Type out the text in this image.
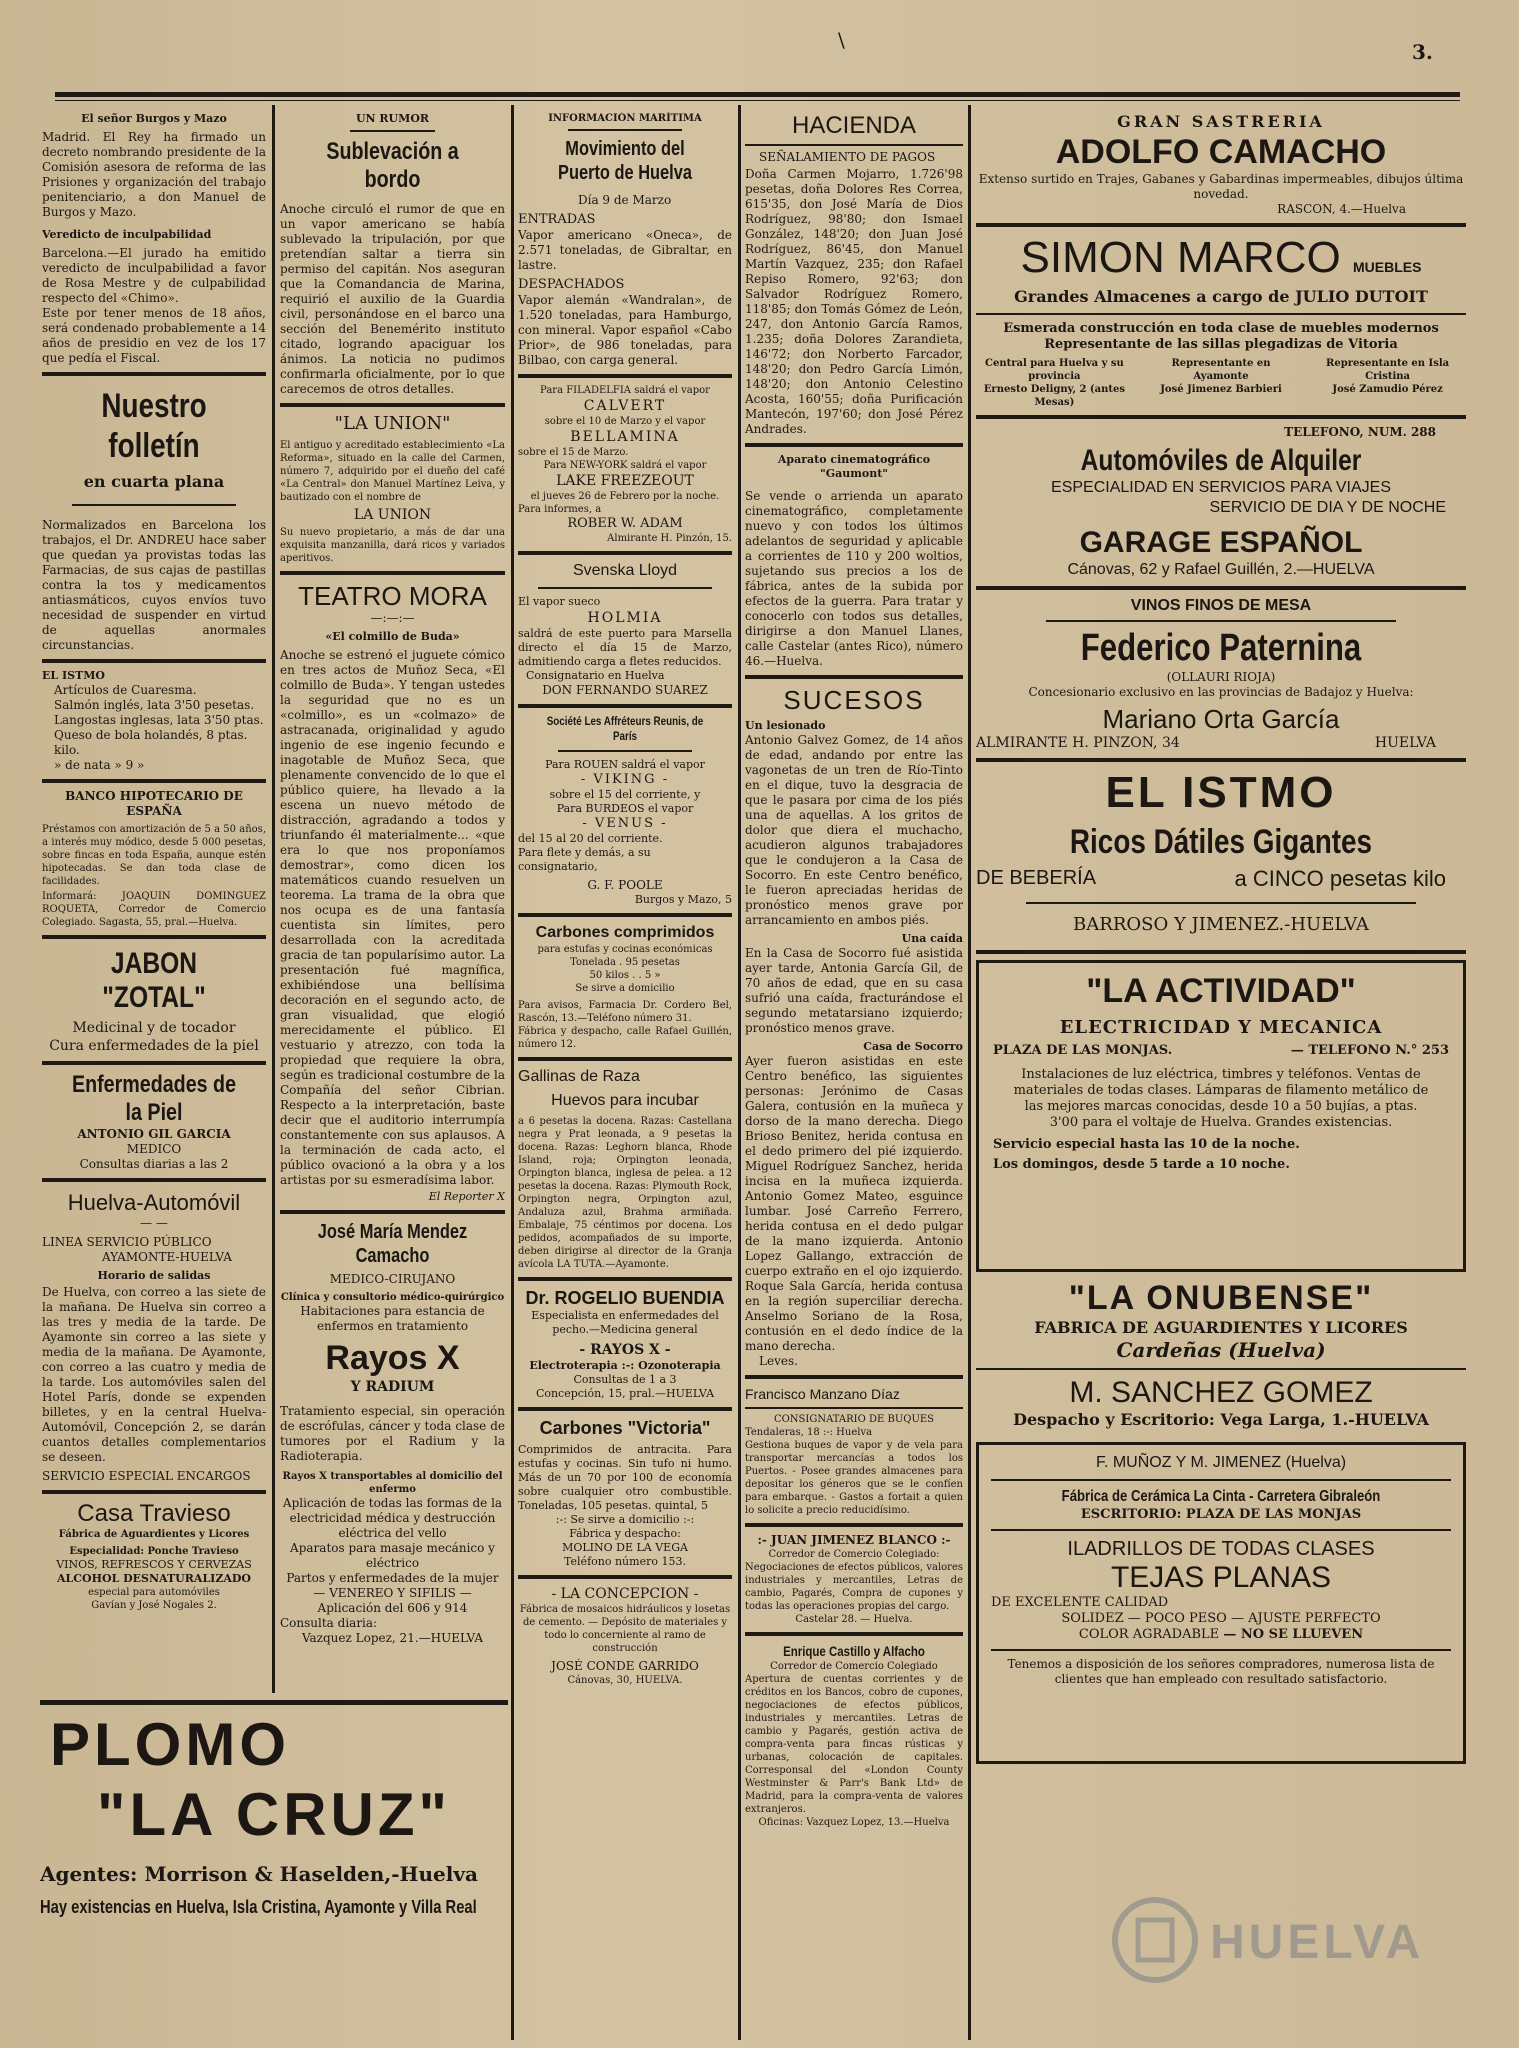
\	3.

El señor Burgos y Mazo

Madrid. El Rey ha firmado un decreto nombrando presidente de la Comisión asesora de reforma de las Prisiones y organización del trabajo penitenciario, a don Manuel de Burgos y Mazo.

Veredicto de inculpabilidad

Barcelona.—El jurado ha emitido veredicto de inculpabilidad a favor de Rosa Mestre y de culpabilidad respecto del «Chimo».

Este por tener menos de 18 años, será condenado probablemente a 14 años de presidio en vez de los 17 que pedía el Fiscal.

Nuestro folletín

en cuarta plana

Normalizados en Barcelona los trabajos, el Dr. ANDREU hace saber que quedan ya provistas todas las Farmacias, de sus cajas de pastillas contra la tos y medicamentos antiasmáticos, cuyos envíos tuvo necesidad de suspender en virtud de aquellas anormales circunstancias.

EL ISTMO

Artículos de Cuaresma.

Salmón inglés, lata 3'50 pesetas.

Langostas inglesas, lata 3'50 ptas.

Queso de bola holandés, 8 ptas. kilo.

» de nata » 9 »

BANCO HIPOTECARIO DE ESPAÑA

Préstamos con amortización de 5 a 50 años, a interés muy módico, desde 5 000 pesetas, sobre fincas en toda España, aunque estén hipotecadas. Se dan toda clase de facilidades.

Informará: JOAQUIN DOMINGUEZ ROQUETA, Corredor de Comercio Colegiado. Sagasta, 55, pral.—Huelva.

JABON "ZOTAL"

Medicinal y de tocador

Cura enfermedades de la piel

Enfermedades de la Piel

ANTONIO GIL GARCIA

MEDICO

Consultas diarias a las 2

Huelva-Automóvil

— —

LINEA SERVICIO PÚBLICO

AYAMONTE-HUELVA

Horario de salidas

De Huelva, con correo a las siete de la mañana. De Huelva sin correo a las tres y media de la tarde. De Ayamonte sin correo a las siete y media de la mañana. De Ayamonte, con correo a las cuatro y media de la tarde. Los automóviles salen del Hotel París, donde se expenden billetes, y en la central Huelva-Automóvil, Concepción 2, se darán cuantos detalles complementarios se deseen.

SERVICIO ESPECIAL ENCARGOS

Casa Travieso

Fábrica de Aguardientes y Licores

Especialidad: Ponche Travieso

VINOS, REFRESCOS Y CERVEZAS

ALCOHOL DESNATURALIZADO

especial para automóviles

Gavían y José Nogales 2.

UN RUMOR

Sublevación a bordo

Anoche circuló el rumor de que en un vapor americano se había sublevado la tripulación, por que pretendían saltar a tierra sin permiso del capitán. Nos aseguran que la Comandancia de Marina, requirió el auxilio de la Guardia civil, personándose en el barco una sección del Benemérito instituto citado, logrando apaciguar los ánimos. La noticia no pudimos confirmarla oficialmente, por lo que carecemos de otros detalles.

"LA UNION"

El antiguo y acreditado establecimiento «La Reforma», situado en la calle del Carmen, número 7, adquirido por el dueño del café «La Central» don Manuel Martínez Leiva, y bautizado con el nombre de

LA UNION

Su nuevo propietario, a más de dar una exquisita manzanilla, dará ricos y variados aperitivos.

TEATRO MORA

—:—:—

«El colmillo de Buda»

Anoche se estrenó el juguete cómico en tres actos de Muñoz Seca, «El colmillo de Buda». Y tengan ustedes la seguridad que no es un «colmillo», es un «colmazo» de astracanada, originalidad y agudo ingenio de ese ingenio fecundo e inagotable de Muñoz Seca, que plenamente convencido de lo que el público quiere, ha llevado a la escena un nuevo método de distracción, agradando a todos y triunfando él materialmente... «que era lo que nos proponíamos demostrar», como dicen los matemáticos cuando resuelven un teorema. La trama de la obra que nos ocupa es de una fantasía cuentista sin límites, pero desarrollada con la acreditada gracia de tan popularísimo autor. La presentación fué magnífica, exhibiéndose una bellísima decoración en el segundo acto, de gran visualidad, que elogió merecidamente el público. El vestuario y atrezzo, con toda la propiedad que requiere la obra, según es tradicional costumbre de la Compañía del señor Cibrian. Respecto a la interpretación, baste decir que el auditorio interrumpía constantemente con sus aplausos. A la terminación de cada acto, el público ovacionó a la obra y a los artistas por su esmeradísima labor.

El Reporter X

José María Mendez Camacho

MEDICO-CIRUJANO

Clínica y consultorio médico-quirúrgico

Habitaciones para estancia de enfermos en tratamiento

Rayos X

Y RADIUM

Tratamiento especial, sin operación de escrófulas, cáncer y toda clase de tumores por el Radium y la Radioterapia.

Rayos X transportables al domicilio del enfermo

Aplicación de todas las formas de la electricidad médica y destrucción eléctrica del vello

Aparatos para masaje mecánico y eléctrico

Partos y enfermedades de la mujer

— VENEREO Y SIFILIS —

Aplicación del 606 y 914

Consulta diaria:

Vazquez Lopez, 21.—HUELVA

INFORMACIÓN MARÍTIMA

Movimiento del Puerto de Huelva

Día 9 de Marzo

ENTRADAS

Vapor americano «Oneca», de 2.571 toneladas, de Gibraltar, en lastre.

DESPACHADOS

Vapor alemán «Wandralan», de 1.520 toneladas, para Hamburgo, con mineral. Vapor español «Cabo Prior», de 986 toneladas, para Bilbao, con carga general.

Para FILADELFIA saldrá el vapor

CALVERT

sobre el 10 de Marzo y el vapor

BELLAMINA

sobre el 15 de Marzo.

Para NEW-YORK saldrá el vapor

LAKE FREEZEOUT

el jueves 26 de Febrero por la noche.

Para informes, a

ROBER W. ADAM

Almirante H. Pinzón, 15.

Svenska Lloyd

El vapor sueco

HOLMIA

saldrá de este puerto para Marsella directo el día 15 de Marzo, admitiendo carga a fletes reducidos.

Consignatario en Huelva

DON FERNANDO SUAREZ

Société Les Affréteurs Reunis, de París

Para ROUEN saldrá el vapor

- VIKING -

sobre el 15 del corriente, y

Para BURDEOS el vapor

- VENUS -

del 15 al 20 del corriente.

Para flete y demás, a su consignatario,

G. F. POOLE

Burgos y Mazo, 5

Carbones comprimidos

para estufas y cocinas económicas

Tonelada . 95 pesetas

50 kilos . . 5 »

Se sirve a domicilio

Para avisos, Farmacia Dr. Cordero Bel, Rascón, 13.—Teléfono número 31.

Fábrica y despacho, calle Rafael Guillén, número 12.

Gallinas de Raza

Huevos para incubar

a 6 pesetas la docena. Razas: Castellana negra y Prat leonada, a 9 pesetas la docena. Razas: Leghorn blanca, Rhode Island, roja; Orpington leonada, Orpington blanca, inglesa de pelea. a 12 pesetas la docena. Razas: Plymouth Rock, Orpington negra, Orpington azul, Andaluza azul, Brahma armiñada. Embalaje, 75 céntimos por docena. Los pedidos, acompañados de su importe, deben dirigirse al director de la Granja avícola LA TUTA.—Ayamonte.

Dr. ROGELIO BUENDIA

Especialista en enfermedades del pecho.—Medicina general

- RAYOS X -

Electroterapia :-: Ozonoterapia

Consultas de 1 a 3

Concepción, 15, pral.—HUELVA

Carbones "Victoria"

Comprimidos de antracita. Para estufas y cocinas. Sin tufo ni humo. Más de un 70 por 100 de economía sobre cualquier otro combustible. Toneladas, 105 pesetas. quintal, 5

:-: Se sirve a domicilio :-:

Fábrica y despacho:

MOLINO DE LA VEGA

Teléfono número 153.

- LA CONCEPCION -

Fábrica de mosaicos hidráulicos y losetas de cemento. — Depósito de materiales y todo lo concerniente al ramo de construcción

JOSÉ CONDE GARRIDO

Cánovas, 30, HUELVA.

HACIENDA

SEÑALAMIENTO DE PAGOS

Doña Carmen Mojarro, 1.726'98 pesetas, doña Dolores Res Correa, 615'35, don José María de Dios Rodríguez, 98'80; don Ismael González, 148'20; don Juan José Rodríguez, 86'45, don Manuel Martín Vazquez, 235; don Rafael Repiso Romero, 92'63; don Salvador Rodríguez Romero, 118'85; don Tomás Gómez de León, 247, don Antonio García Ramos, 1.235; doña Dolores Zarandieta, 146'72; don Norberto Farcador, 148'20; don Pedro García Limón, 148'20; don Antonio Celestino Acosta, 160'55; doña Purificación Mantecón, 197'60; don José Pérez Andrades.

Aparato cinematográfico "Gaumont"

Se vende o arrienda un aparato cinematográfico, completamente nuevo y con todos los últimos adelantos de seguridad y aplicable a corrientes de 110 y 200 woltios, sujetando sus precios a los de fábrica, antes de la subida por efectos de la guerra. Para tratar y conocerlo con todos sus detalles, dirigirse a don Manuel Llanes, calle Castelar (antes Rico), número 46.—Huelva.

SUCESOS

Un lesionado

Antonio Galvez Gomez, de 14 años de edad, andando por entre las vagonetas de un tren de Río-Tinto en el dique, tuvo la desgracia de que le pasara por cima de los piés una de aquellas. A los gritos de dolor que diera el muchacho, acudieron algunos trabajadores que le condujeron a la Casa de Socorro. En este Centro benéfico, le fueron apreciadas heridas de pronóstico menos grave por arrancamiento en ambos piés.

Una caída

En la Casa de Socorro fué asistida ayer tarde, Antonia García Gil, de 70 años de edad, que en su casa sufrió una caída, fracturándose el segundo metatarsiano izquierdo; pronóstico menos grave.

Casa de Socorro

Ayer fueron asistidas en este Centro benéfico, las siguientes personas: Jerónimo de Casas Galera, contusión en la muñeca y dorso de la mano derecha. Diego Brioso Benitez, herida contusa en el dedo primero del pié izquierdo. Miguel Rodríguez Sanchez, herida incisa en la muñeca izquierda. Antonio Gomez Mateo, esguince lumbar. José Carreño Ferrero, herida contusa en el dedo pulgar de la mano izquierda. Antonio Lopez Gallango, extracción de cuerpo extraño en el ojo izquierdo. Roque Sala García, herida contusa en la región superciliar derecha. Anselmo Soriano de la Rosa, contusión en el dedo índice de la mano derecha.

Leves.

Francisco Manzano Díaz

CONSIGNATARIO DE BUQUES

Tendaleras, 18 :-: Huelva

Gestiona buques de vapor y de vela para transportar mercancías a todos los Puertos. - Posee grandes almacenes para depositar los géneros que se le confíen para embarque. - Gastos a fortait a quien lo solicite a precio reducidísimo.

:- JUAN JIMENEZ BLANCO :-

Corredor de Comercio Colegiado:

Negociaciones de efectos públicos, valores industriales y mercantiles, Letras de cambio, Pagarés, Compra de cupones y todas las operaciones propias del cargo.

Castelar 28. — Huelva.

Enrique Castillo y Alfacho

Corredor de Comercio Colegiado

Apertura de cuentas corrientes y de créditos en los Bancos, cobro de cupones, negociaciones de efectos públicos, industriales y mercantiles. Letras de cambio y Pagarés, gestión activa de compra-venta para fincas rústicas y urbanas, colocación de capitales. Corresponsal del «London County Westminster & Parr's Bank Ltd» de Madrid, para la compra-venta de valores extranjeros.

Oficinas: Vazquez Lopez, 13.—Huelva

GRAN SASTRERIA

ADOLFO CAMACHO

Extenso surtido en Trajes, Gabanes y Gabardinas impermeables, dibujos última novedad.

RASCON, 4.—Huelva

SIMON MARCO MUEBLES

Grandes Almacenes a cargo de JULIO DUTOIT

Esmerada construcción en toda clase de muebles modernos

Representante de las sillas plegadizas de Vitoria

Central para Huelva y su provincia

Ernesto Deligny, 2 (antes Mesas)

Representante en Ayamonte

José Jimenez Barbieri

Representante en Isla Cristina

José Zamudio Pérez

TELEFONO, NUM. 288

Automóviles de Alquiler

ESPECIALIDAD EN SERVICIOS PARA VIAJES

SERVICIO DE DIA Y DE NOCHE

GARAGE ESPAÑOL

Cánovas, 62 y Rafael Guillén, 2.—HUELVA

VINOS FINOS DE MESA

Federico Paternina

(OLLAURI RIOJA)

Concesionario exclusivo en las provincias de Badajoz y Huelva:

Mariano Orta García

ALMIRANTE H. PINZON, 34	HUELVA

EL ISTMO

Ricos Dátiles Gigantes

DE BEBERÍA	a CINCO pesetas kilo

BARROSO Y JIMENEZ.-HUELVA

"LA ACTIVIDAD"

ELECTRICIDAD Y MECANICA

PLAZA DE LAS MONJAS.	— TELEFONO N.° 253

Instalaciones de luz eléctrica, timbres y teléfonos. Ventas de materiales de todas clases. Lámparas de filamento metálico de las mejores marcas conocidas, desde 10 a 50 bujías, a ptas. 3'00 para el voltaje de Huelva. Grandes existencias.

Servicio especial hasta las 10 de la noche.

Los domingos, desde 5 tarde a 10 noche.

"LA ONUBENSE"

FABRICA DE AGUARDIENTES Y LICORES

Cardeñas (Huelva)

M. SANCHEZ GOMEZ

Despacho y Escritorio: Vega Larga, 1.-HUELVA

F. MUÑOZ Y M. JIMENEZ (Huelva)

Fábrica de Cerámica La Cinta - Carretera Gibraleón

ESCRITORIO: PLAZA DE LAS MONJAS

ILADRILLOS DE TODAS CLASES

TEJAS PLANAS

DE EXCELENTE CALIDAD

SOLIDEZ — POCO PESO — AJUSTE PERFECTO

COLOR AGRADABLE — NO SE LLUEVEN

Tenemos a disposición de los señores compradores, numerosa lista de clientes que han empleado con resultado satisfactorio.

PLOMO

"LA CRUZ"

Agentes: Morrison & Haselden,-Huelva

Hay existencias en Huelva, Isla Cristina, Ayamonte y Villa Real

HUELVA
